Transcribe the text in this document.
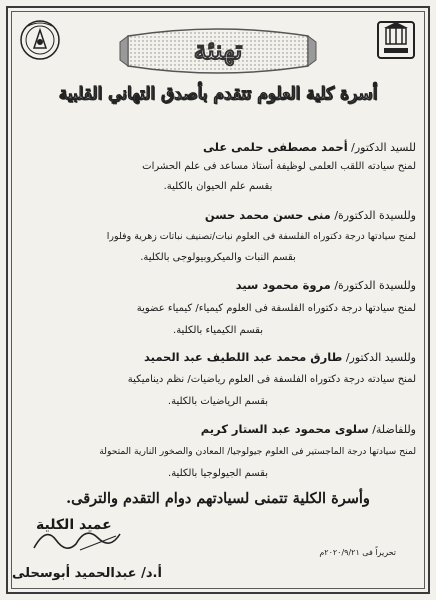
تهنئة
أسرة كلية العلوم تتقدم بأصدق التهاني القلبية
للسيد الدكتور/ أحمد مصطفى حلمى على
لمنح سيادته اللقب العلمى لوظيفة أستاذ مساعد فى علم الحشرات
بقسم علم الحيوان بالكلية.
وللسيدة الدكتورة/ منى حسن محمد حسن
لمنح سيادتها درجة دكتوراه الفلسفة فى العلوم نبات/تصنيف نباتات زهرية وفلورا
بقسم النبات والميكروبيولوجى بالكلية.
وللسيدة الدكتورة/ مروة محمود سيد
لمنح سيادتها درجة دكتوراه الفلسفة فى العلوم كيمياء/ كيمياء عضوية
بقسم الكيمياء بالكلية.
وللسيد الدكتور/ طارق محمد عبد اللطيف عبد الحميد
لمنح سيادته درجة دكتوراه الفلسفة فى العلوم رياضيات/ نظم ديناميكية
بقسم الرياضيات بالكلية.
وللفاضلة/ سلوى محمود عبد الستار كريم
لمنح سيادتها درجة الماجستير فى العلوم جيولوجيا/ المعادن والصخور النارية المتحولة
بقسم الجيولوجيا بالكلية.
وأسرة الكلية تتمنى لسيادتهم دوام التقدم والترقى.
عميد الكلية
تحريراً فى ٢٠٢٠/٩/٢١م
أ.د/ عبدالحميد أبوسحلى
